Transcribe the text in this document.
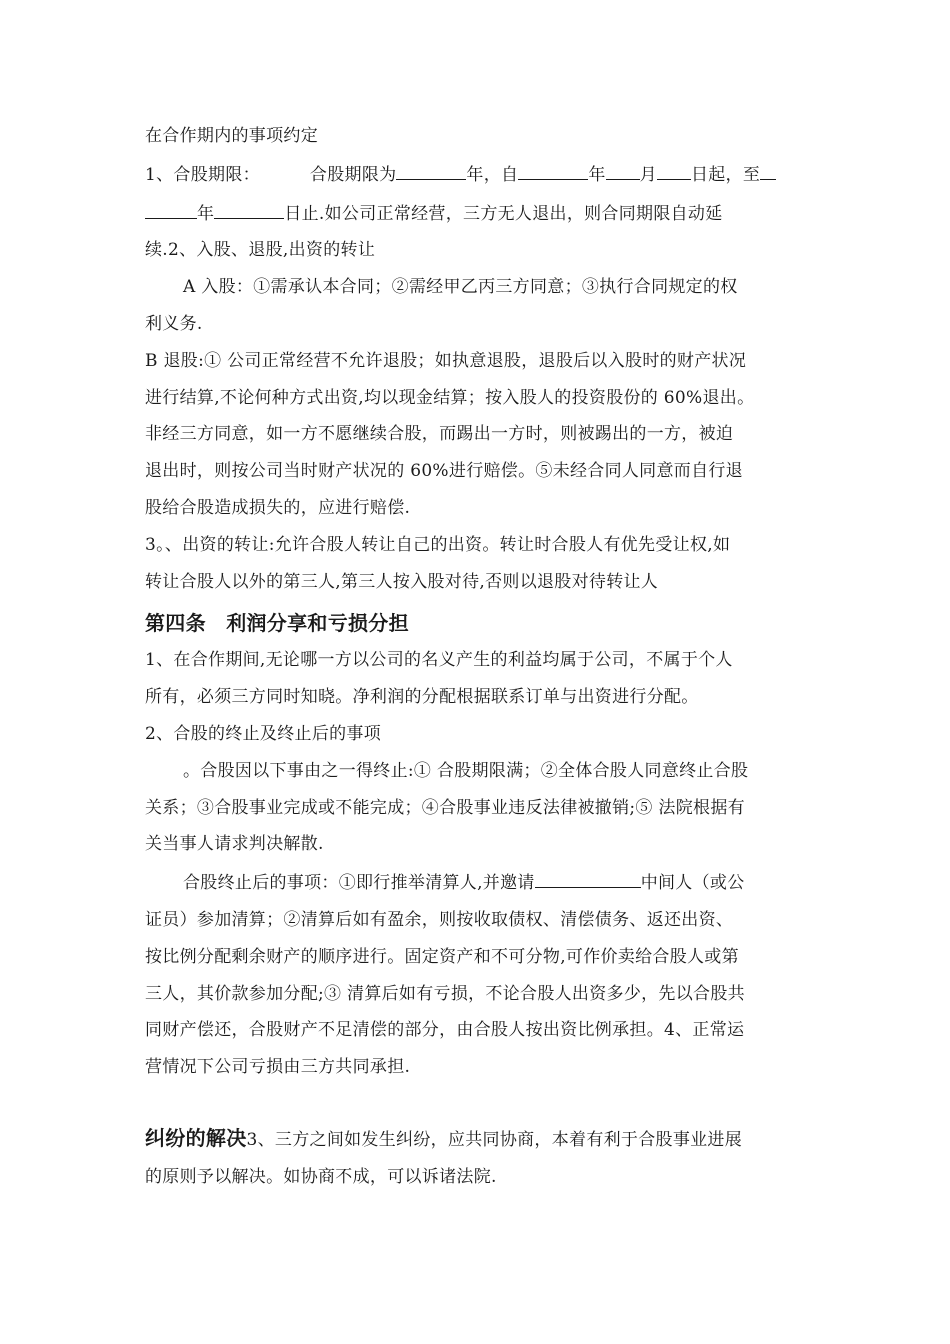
在合作期内的事项约定
1、合股期限：	合股期限为	年，自	年 月 日起，至
年	日止.如公司正常经营，三方无人退出，则合同期限自动延
续.2、入股、退股,出资的转让
A 入股：①需承认本合同；②需经甲乙丙三方同意；③执行合同规定的权
利义务.
B 退股:① 公司正常经营不允许退股；如执意退股，退股后以入股时的财产状况
进行结算,不论何种方式出资,均以现金结算；按入股人的投资股份的 60%退出。
非经三方同意，如一方不愿继续合股，而踢出一方时，则被踢出的一方，被迫
退出时，则按公司当时财产状况的 60%进行赔偿。⑤未经合同人同意而自行退
股给合股造成损失的，应进行赔偿.
3。、出资的转让:允许合股人转让自己的出资。转让时合股人有优先受让权,如
转让合股人以外的第三人,第三人按入股对待,否则以退股对待转让人
第四条　利润分享和亏损分担
1、在合作期间,无论哪一方以公司的名义产生的利益均属于公司，不属于个人
所有，必须三方同时知晓。净利润的分配根据联系订单与出资进行分配。
2、合股的终止及终止后的事项
。合股因以下事由之一得终止:① 合股期限满；②全体合股人同意终止合股
关系；③合股事业完成或不能完成；④合股事业违反法律被撤销;⑤ 法院根据有
关当事人请求判决解散.
合股终止后的事项：①即行推举清算人,并邀请	中间人（或公
证员）参加清算；②清算后如有盈余，则按收取债权、清偿债务、返还出资、
按比例分配剩余财产的顺序进行。固定资产和不可分物,可作价卖给合股人或第
三人，其价款参加分配;③ 清算后如有亏损，不论合股人出资多少，先以合股共
同财产偿还，合股财产不足清偿的部分，由合股人按出资比例承担。4、正常运
营情况下公司亏损由三方共同承担.
纠纷的解决3、三方之间如发生纠纷，应共同协商，本着有利于合股事业进展
的原则予以解决。如协商不成，可以诉诸法院.
